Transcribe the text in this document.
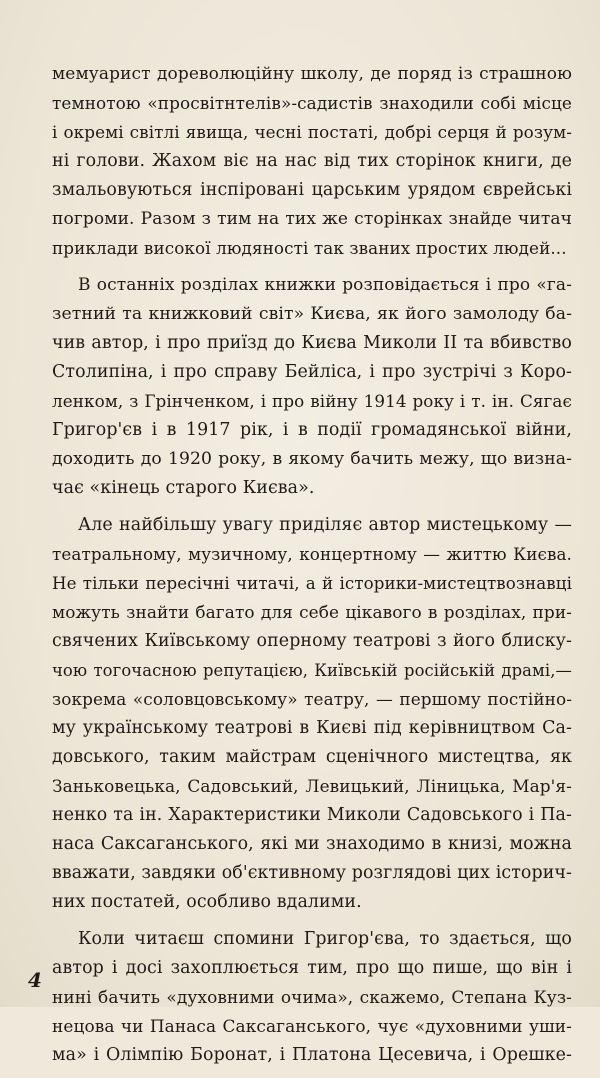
мемуарист дореволюційну школу, де поряд із страшною
темнотою «просвітнтелів»-садистів знаходили собі місце
і окремі світлі явища, чесні постаті, добрі серця й розум-
ні голови. Жахом віє на нас від тих сторінок книги, де
змальовуються інспіровані царським урядом єврейські
погроми. Разом з тим на тих же сторінках знайде читач
приклади високої людяності так званих простих людей...
В останніх розділах книжки розповідається і про «га-
зетний та книжковий світ» Києва, як його замолоду ба-
чив автор, і про приїзд до Києва Миколи II та вбивство
Столипіна, і про справу Бейліса, і про зустрічі з Коро-
ленком, з Грінченком, і про війну 1914 року і т. ін. Сягає
Григор'єв і в 1917 рік, і в події громадянської війни,
доходить до 1920 року, в якому бачить межу, що визна-
чає «кінець старого Києва».
Але найбільшу увагу приділяє автор мистецькому —
театральному, музичному, концертному — життю Києва.
Не тільки пересічні читачі, а й історики-мистецтвознавці
можуть знайти багато для себе цікавого в розділах, при-
свячених Київському оперному театрові з його блиску-
чою тогочасною репутацією, Київській російській драмі,—
зокрема «соловцовському» театру, — першому постійно-
му українському театрові в Києві під керівництвом Са-
довського, таким майстрам сценічного мистецтва, як
Заньковецька, Садовський, Левицький, Ліницька, Мар'я-
ненко та ін. Характеристики Миколи Садовського і Па-
наса Саксаганського, які ми знаходимо в книзі, можна
вважати, завдяки об'єктивному розглядові цих історич-
них постатей, особливо вдалими.
Коли читаєш спомини Григор'єва, то здається, що
автор і досі захоплюється тим, про що пише, що він і
нині бачить «духовними очима», скажемо, Степана Куз-
нецова чи Панаса Саксаганського, чує «духовними уши-
ма» і Олімпію Боронат, і Платона Цесевича, і Орешке-
4
